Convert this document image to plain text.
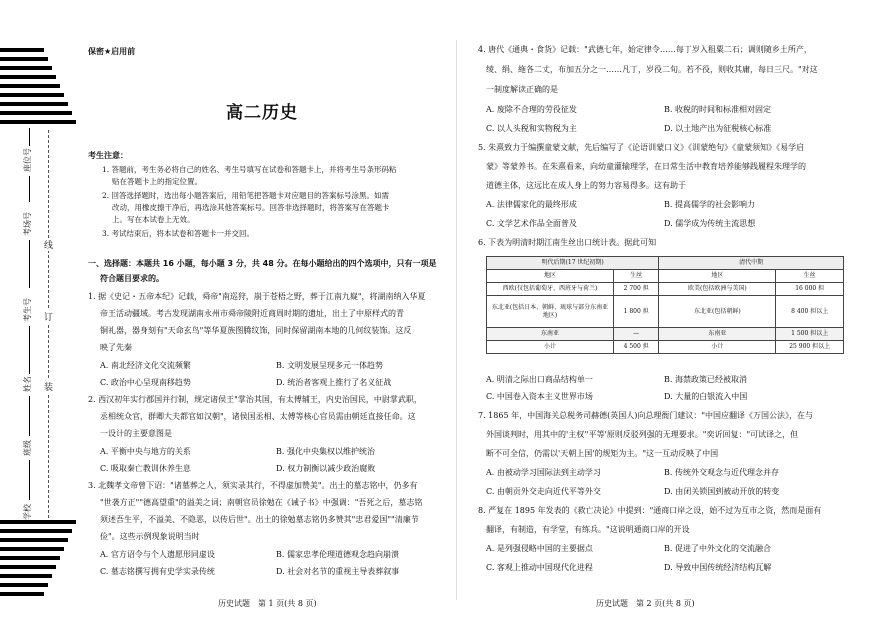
座位号
考场号
考生号
姓名
班级
学校
线
订
装
保密★启用前
高二历史
考生注意：
1. 答题前，考生务必将自己的姓名、考生号填写在试卷和答题卡上，并将考生号条形码粘
贴在答题卡上的指定位置。
2. 回答选择题时，选出每小题答案后，用铅笔把答题卡对应题目的答案标号涂黑。如需
改动，用橡皮擦干净后，再选涂其他答案标号。回答非选择题时，将答案写在答题卡
上。写在本试卷上无效。
3. 考试结束后，将本试卷和答题卡一并交回。
一、选择题：本题共 16 小题，每小题 3 分，共 48 分。在每小题给出的四个选项中，只有一项是
符合题目要求的。
1. 据《史记・五帝本纪》记载，舜帝"南巡狩，崩于苍梧之野，葬于江南九嶷"，将湖南纳入华夏
帝王活动疆域。考古发现湖南永州市舜帝陵附近商周时期的遗址，出土了中原样式的青
铜礼器，器身刻有"天命玄鸟"等华夏族图腾纹饰，同时保留湖南本地的几何纹装饰。这反
映了先秦
A. 南北经济文化交流频繁	B. 文明发展呈现多元一体趋势
C. 政治中心呈现南移趋势	D. 统治者客观上推行了名义征战
2. 西汉初年实行郡国并行制，规定诸侯王"掌治其国，有太傅辅王，内史治国民，中尉掌武职，
丞相统众官，群卿大夫都官如汉朝"，诸侯国丞相、太傅等核心官员需由朝廷直接任命。这
一设计的主要意图是
A. 平衡中央与地方的关系	B. 强化中央集权以维护统治
C. 吸取秦亡教训休养生息	D. 权力制衡以减少政治腐败
3. 北魏孝文帝曾下诏："诸墓葬之人，须实录其行，不得虚加赞美"。出土的墓志铭中，仍多有
"世袭方正""德高望重"的溢美之词；南朝官员徐勉在《诫子书》中强调："吾死之后，墓志铭
须述吾生平，不溢美、不隐恶，以传后世"。出土的徐勉墓志铭仍多赞其"忠君爱国""清廉节
俭"。这些示例现象说明当时
A. 官方诏令与个人遗愿形同虚设	B. 儒家忠孝伦理道德观念趋向崩溃
C. 墓志铭撰写拥有史学实录传统	D. 社会对名节的重视主导表葬叙事
历史试题　第 1 页(共 8 页)
4. 唐代《通典・食货》记载："武德七年，始定律令……每丁岁入租粟二石；调则随乡土所产，
绫、绢、絁各二丈，布加五分之一……凡丁，岁役二旬。若不役，则收其庸，每日三尺。"对这
一制度解读正确的是
A. 废除不合理的劳役征发	B. 收税的时间和标准相对固定
C. 以人头税和实物税为主	D. 以土地产出为征税核心标准
5. 朱熹致力于编撰童蒙文献，先后编写了《论语训蒙口义》《训蒙绝句》《童蒙须知》《易学启
蒙》等蒙养书。在朱熹看来，向幼童灌输理学，在日常生活中教育培养能够践履程朱理学的
道德主体，这远比在成人身上的努力容易得多。这有助于
A. 法律儒家化的最终形成	B. 提高儒学的社会影响力
C. 文学艺术作品全面普及	D. 儒学成为传统主流思想
6. 下表为明清时期江南生丝出口统计表。据此可知
明代后期(17 世纪初期)		清代中期	
地区	生丝	地区	生丝
西欧(仅包括葡萄牙、西班牙与荷兰)	2 700 担	欧美(包括欧洲与美国)	16 000 担
东北亚(包括日本、朝鲜、琉球与部分东南亚地区)	1 800 担	东北亚(包括朝鲜)	8 400 担以上
东南亚	—	东南亚	1 500 担以上
小计	4 500 担	小计	25 900 担以上
A. 明清之际出口商品结构单一	B. 海禁政策已经被取消
C. 中国卷入资本主义世界市场	D. 大量的白银流入中国
7. 1865 年，中国海关总税务司赫德(英国人)向总理衙门建议："中国应翻译《万国公法》，在与
外国谈判时，用其中的'主权''平等'原则反驳列强的无理要求。"奕䜣回复："可试译之，但
断不可全信，仍需以'天朝上国'的规矩为主。"这一互动反映了中国
A. 由被动学习国际法到主动学习	B. 传统外交观念与近代理念并存
C. 由朝贡外交走向近代平等外交	D. 由闭关锁国到被动开放的转变
8. 严复在 1895 年发表的《救亡决论》中提到："通商口岸之设，始不过为互市之资，然而是面有
翻译，有制造，有学堂，有练兵。"这说明通商口岸的开设
A. 是列强侵略中国的主要据点	B. 促进了中外文化的交流融合
C. 客观上推动中国现代化进程	D. 导致中国传统经济结构瓦解
历史试题　第 2 页(共 8 页)
